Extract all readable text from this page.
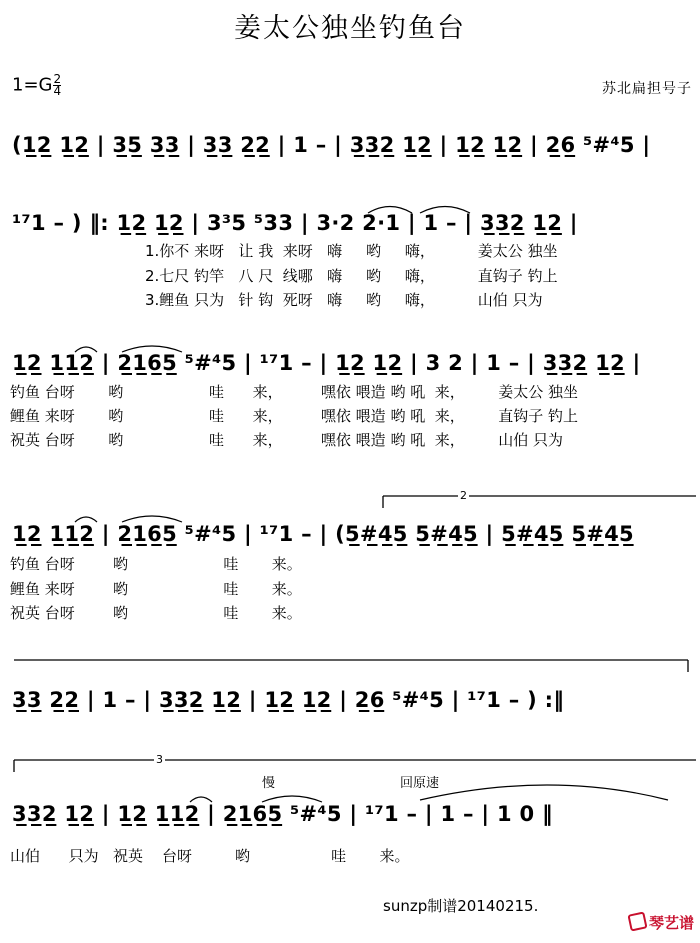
姜太公独坐钓鱼台
$1=G \frac{2}{4}$	苏北扁担号子
2
3
(1̲2̲ 1̲2̲ | 3̲5̲ 3̲3̲ | 3̲3̲ 2̲2̲ | 1 – | 3̲3̲2̲ 1̲2̲ | 1̲2̲ 1̲2̲ | 2̲6̲ ⁵#⁴5 |
¹⁷1 – ) ‖: 1̲2̲ 1̲2̲ | 3³5 ⁵33 | 3·2 2·1 | 1 – | 3̲3̲2̲ 1̲2̲ |
1.你不 来呀 让 我 来呀 嗨 哟 嗨，	姜太公 独坐
2.七尺 钓竿 八 尺 线哪 嗨 哟 嗨，	直钩子 钓上
3.鲤鱼 只为 针 钩 死呀 嗨 哟 嗨，	山伯 只为
1̲2̲ 1̲1̲2̲ | 2̲1̲6̲5̲ ⁵#⁴5 | ¹⁷1 – | 1̲2̲ 1̲2̲ | 3 2 | 1 – | 3̲3̲2̲ 1̲2̲ |
钓鱼 台呀 哟	哇 来，	嘿依 喂造 哟 吼 来， 姜太公 独坐
鲤鱼 来呀 哟	哇 来，	嘿依 喂造 哟 吼 来， 直钩子 钓上
祝英 台呀 哟	哇 来，	嘿依 喂造 哟 吼 来， 山伯 只为
1̲2̲ 1̲1̲2̲ | 2̲1̲6̲5̲ ⁵#⁴5 | ¹⁷1 – | (5̲#̲4̲5̲ 5̲#̲4̲5̲ | 5̲#̲4̲5̲ 5̲#̲4̲5̲
钓鱼 台呀	哟	哇 来。
鲤鱼 来呀	哟	哇 来。
祝英 台呀	哟	哇 来。
3̲3̲ 2̲2̲ | 1 – | 3̲3̲2̲ 1̲2̲ | 1̲2̲ 1̲2̲ | 2̲6̲ ⁵#⁴5 | ¹⁷1 – ) :‖
慢	回原速
3̲3̲2̲ 1̲2̲ | 1̲2̲ 1̲1̲2̲ | 2̲1̲6̲5̲ ⁵#⁴5 | ¹⁷1 – | 1 – | 1 0 ‖
山伯 只为 祝英 台呀	哟	哇 来。
sunzp制谱20140215.
琴艺谱
